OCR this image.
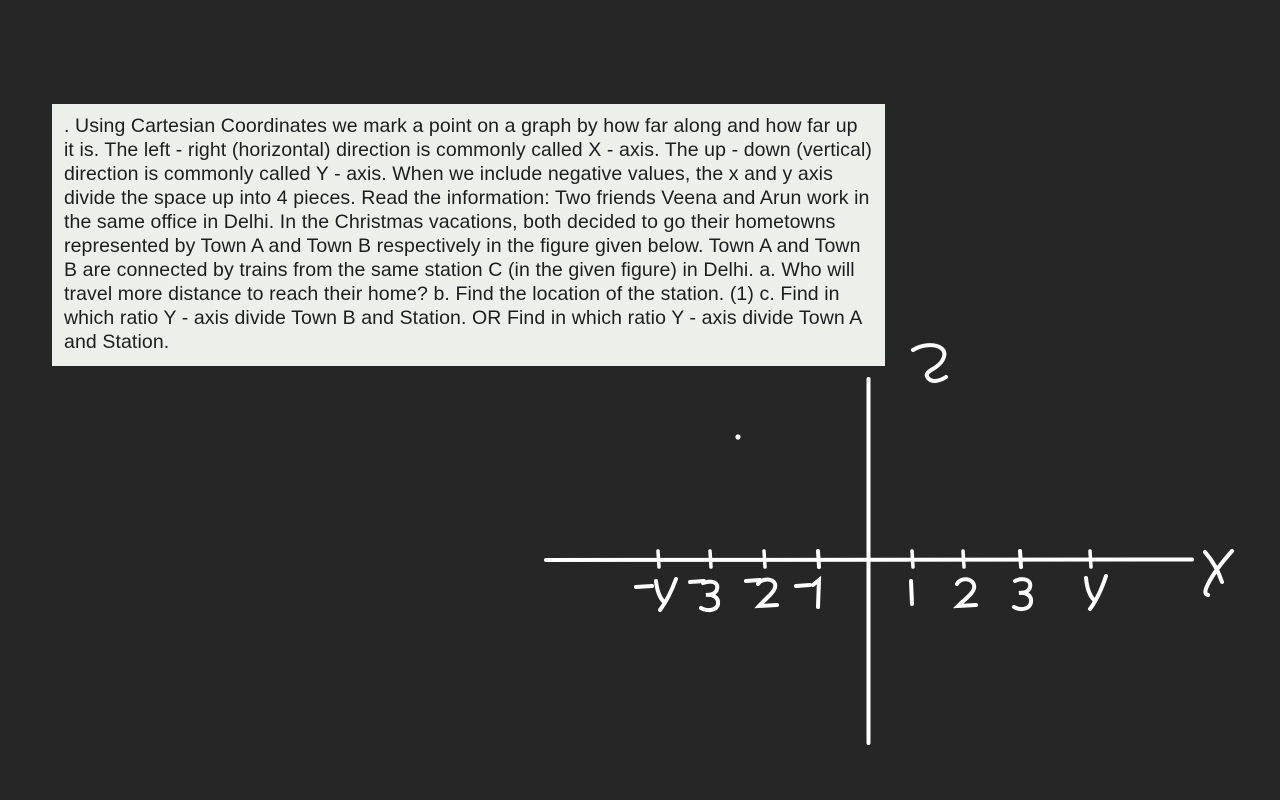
. Using Cartesian Coordinates we mark a point on a graph by how far along and how far up it is. The left - right (horizontal) direction is commonly called X - axis. The up - down (vertical) direction is commonly called Y - axis. When we include negative values, the x and y axis divide the space up into 4 pieces. Read the information: Two friends Veena and Arun work in the same office in Delhi. In the Christmas vacations, both decided to go their hometowns represented by Town A and Town B respectively in the figure given below. Town A and Town B are connected by trains from the same station C (in the given figure) in Delhi. a. Who will travel more distance to reach their home? b. Find the location of the station. (1) c. Find in which ratio Y - axis divide Town B and Station. OR Find in which ratio Y - axis divide Town A and Station.
